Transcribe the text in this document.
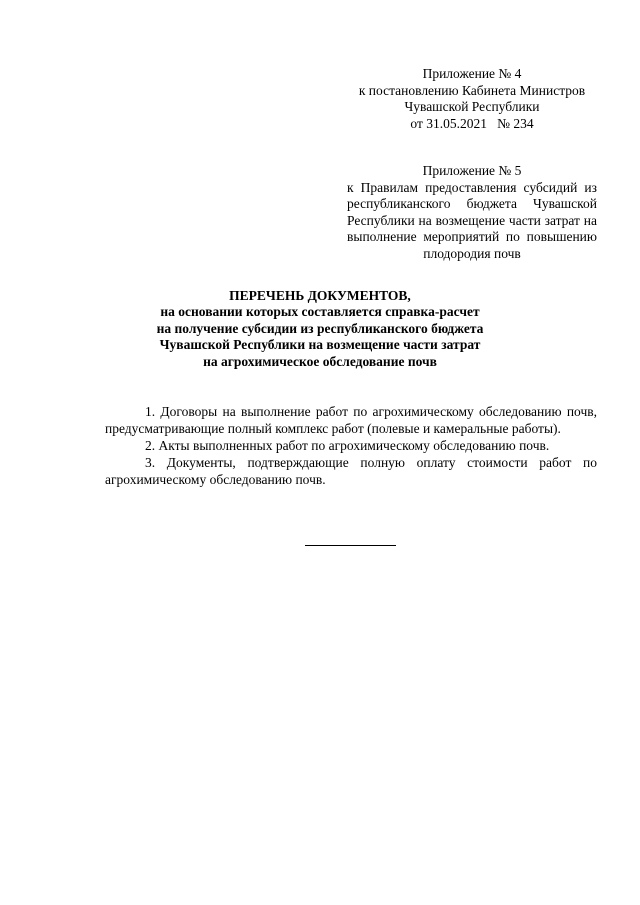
Приложение № 4
к постановлению Кабинета Министров
Чувашской Республики
от 31.05.2021   № 234
Приложение № 5
к Правилам предоставления субсидий из республиканского бюджета Чувашской Республики на возмещение части затрат на выполнение мероприятий по повышению плодородия почв
ПЕРЕЧЕНЬ ДОКУМЕНТОВ,
на основании которых составляется справка-расчет
на получение субсидии из республиканского бюджета
Чувашской Республики на возмещение части затрат
на агрохимическое обследование почв

1. Договоры на выполнение работ по агрохимическому обследованию почв, предусматривающие полный комплекс работ (полевые и камеральные работы).

2. Акты выполненных работ по агрохимическому обследованию почв.

3. Документы, подтверждающие полную оплату стоимости работ по агрохимическому обследованию почв.
